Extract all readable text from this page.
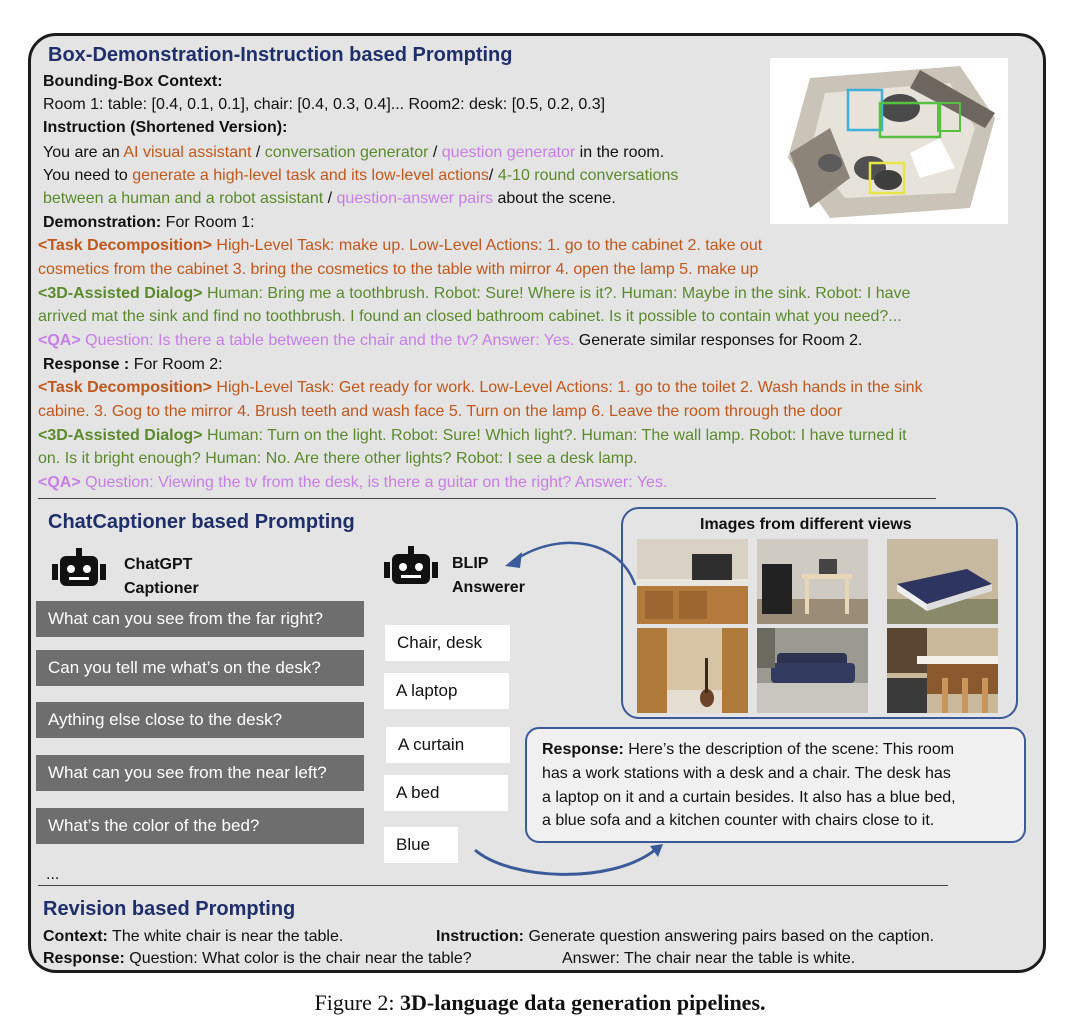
Box-Demonstration-Instruction based Prompting
Bounding-Box Context:
Room 1: table: [0.4, 0.1, 0.1], chair: [0.4, 0.3, 0.4]... Room2: desk: [0.5, 0.2, 0.3]
Instruction (Shortened Version):
You are an AI visual assistant / conversation generator / question generator in the room.
You need to generate a high-level task and its low-level actions/ 4-10 round conversations
between a human and a robot assistant / question-answer pairs about the scene.
Demonstration: For Room 1:
<Task Decomposition> High-Level Task: make up. Low-Level Actions: 1. go to the cabinet 2. take out
cosmetics from the cabinet 3. bring the cosmetics to the table with mirror 4. open the lamp 5. make up
<3D-Assisted Dialog> Human: Bring me a toothbrush. Robot: Sure! Where is it?. Human: Maybe in the sink. Robot: I have
arrived mat the sink and find no toothbrush. I found an closed bathroom cabinet. Is it possible to contain what you need?...
<QA> Question: Is there a table between the chair and the tv? Answer: Yes. Generate similar responses for Room 2.
Response : For Room 2:
<Task Decomposition> High-Level Task: Get ready for work. Low-Level Actions: 1. go to the toilet 2. Wash hands in the sink
cabine. 3. Gog to the mirror 4. Brush teeth and wash face 5. Turn on the lamp 6. Leave the room through the door
<3D-Assisted Dialog> Human: Turn on the light. Robot: Sure! Which light?. Human: The wall lamp. Robot: I have turned it
on. Is it bright enough? Human: No. Are there other lights? Robot: I see a desk lamp.
<QA> Question: Viewing the tv from the desk, is there a guitar on the right? Answer: Yes.
ChatCaptioner based Prompting
ChatGPT
Captioner
BLIP
Answerer
What can you see from the far right?
Can you tell me what’s on the desk?
Aything else close to the desk?
What can you see from the near left?
What’s the color of the bed?
Chair, desk
A laptop
A curtain
A bed
Blue
...
Images from different views
Response: Here’s the description of the scene: This room
has a work stations with a desk and a chair. The desk has
a laptop on it and a curtain besides. It also has a blue bed,
a blue sofa and a kitchen counter with chairs close to it.
Revision based Prompting
Context: The white chair is near the table.	Instruction: Generate question answering pairs based on the caption.
Response: Question: What color is the chair near the table?	Answer: The chair near the table is white.
Figure 2: 3D-language data generation pipelines.
